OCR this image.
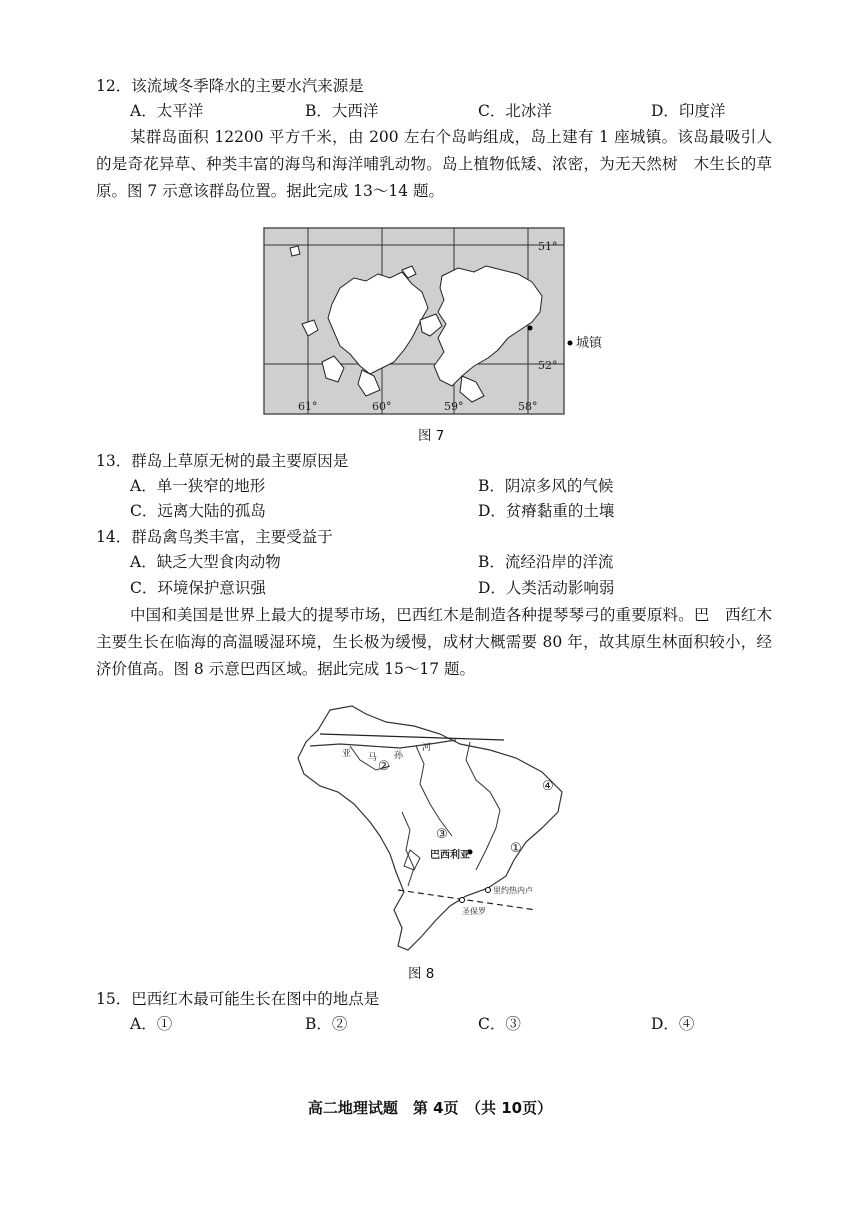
12．该流域冬季降水的主要水汽来源是
A．太平洋	B．大西洋	C．北冰洋	D．印度洋
某群岛面积 12200 平方千米，由 200 左右个岛屿组成，岛上建有 1 座城镇。该岛最吸引人的是奇花异草、种类丰富的海鸟和海洋哺乳动物。岛上植物低矮、浓密，为无天然树　木生长的草原。图 7 示意该群岛位置。据此完成 13～14 题。
51°
52°
61°	60°	59°	58°
城镇
图 7
13．群岛上草原无树的最主要原因是
A．单一狭窄的地形	B．阴凉多风的气候
C．远离大陆的孤岛	D．贫瘠黏重的土壤
14．群岛禽鸟类丰富，主要受益于
A．缺乏大型食肉动物	B．流经沿岸的洋流
C．环境保护意识强	D．人类活动影响弱
中国和美国是世界上最大的提琴市场，巴西红木是制造各种提琴琴弓的重要原料。巴　西红木主要生长在临海的高温暖湿环境，生长极为缓慢，成材大概需要 80 年，故其原生林面积较小，经济价值高。图 8 示意巴西区域。据此完成 15～17 题。
亚 马 孙
河
②
④
③
①
巴西利亚
里约热内卢
圣保罗
图 8
15．巴西红木最可能生长在图中的地点是
A．①	B．②	C．③	D．④
高二地理试题　第 4页　（共 10页）
